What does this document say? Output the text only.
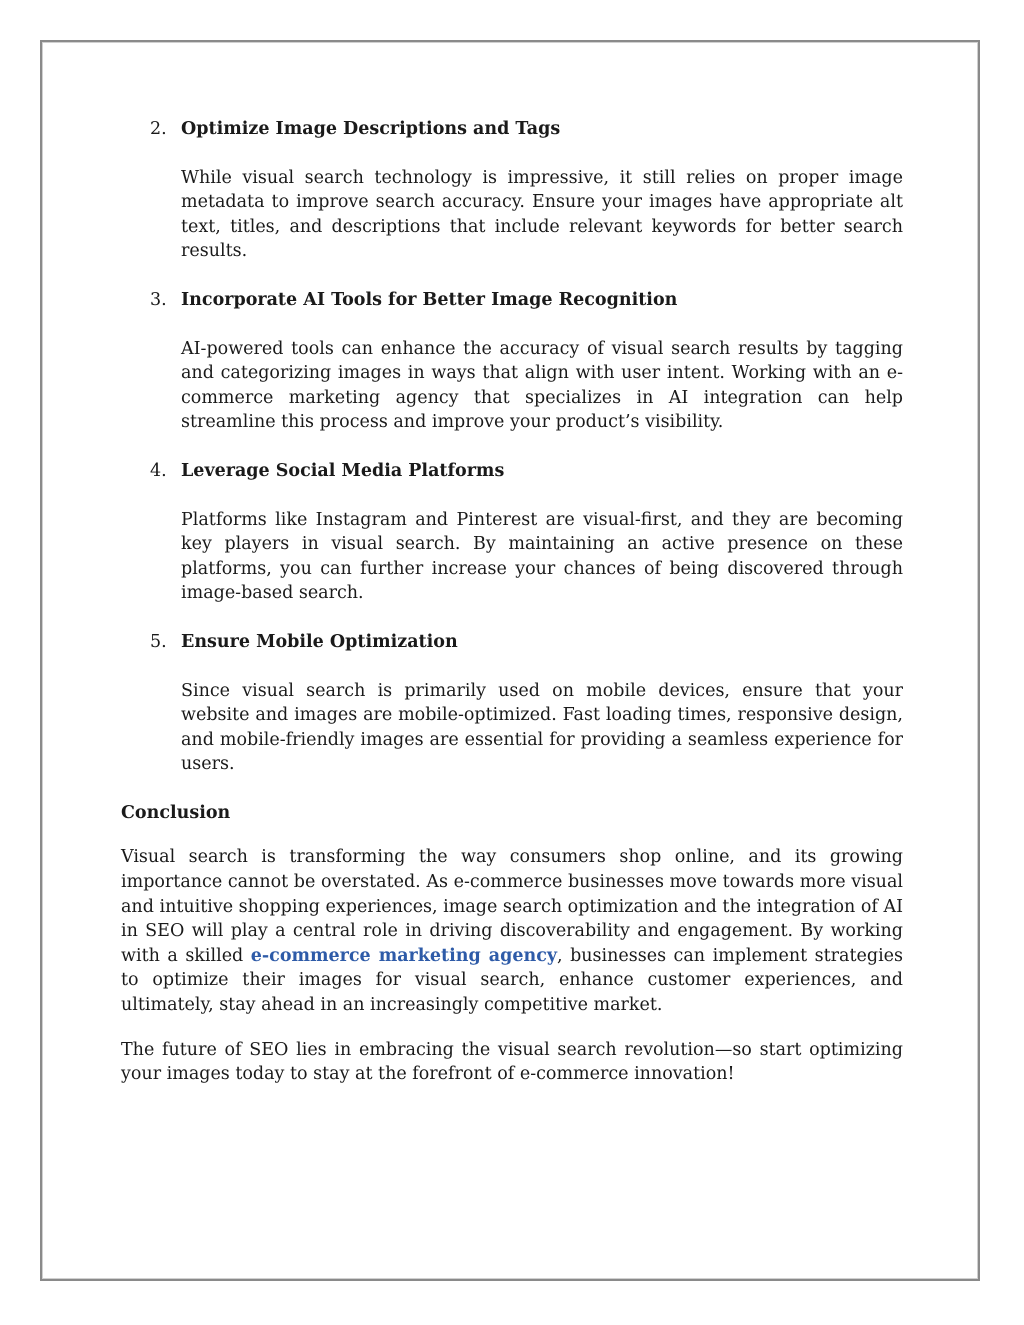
2. Optimize Image Descriptions and Tags

While visual search technology is impressive, it still relies on proper image metadata to improve search accuracy. Ensure your images have appropriate alt text, titles, and descriptions that include relevant keywords for better search results.

3. Incorporate AI Tools for Better Image Recognition

AI-powered tools can enhance the accuracy of visual search results by tagging and categorizing images in ways that align with user intent. Working with an e-commerce marketing agency that specializes in AI integration can help streamline this process and improve your product’s visibility.

4. Leverage Social Media Platforms

Platforms like Instagram and Pinterest are visual-first, and they are becoming key players in visual search. By maintaining an active presence on these platforms, you can further increase your chances of being discovered through image-based search.

5. Ensure Mobile Optimization

Since visual search is primarily used on mobile devices, ensure that your website and images are mobile-optimized. Fast loading times, responsive design, and mobile-friendly images are essential for providing a seamless experience for users.

Conclusion

Visual search is transforming the way consumers shop online, and its growing importance cannot be overstated. As e-commerce businesses move towards more visual and intuitive shopping experiences, image search optimization and the integration of AI in SEO will play a central role in driving discoverability and engagement. By working with a skilled e-commerce marketing agency, businesses can implement strategies to optimize their images for visual search, enhance customer experiences, and ultimately, stay ahead in an increasingly competitive market.

The future of SEO lies in embracing the visual search revolution—so start optimizing your images today to stay at the forefront of e-commerce innovation!
